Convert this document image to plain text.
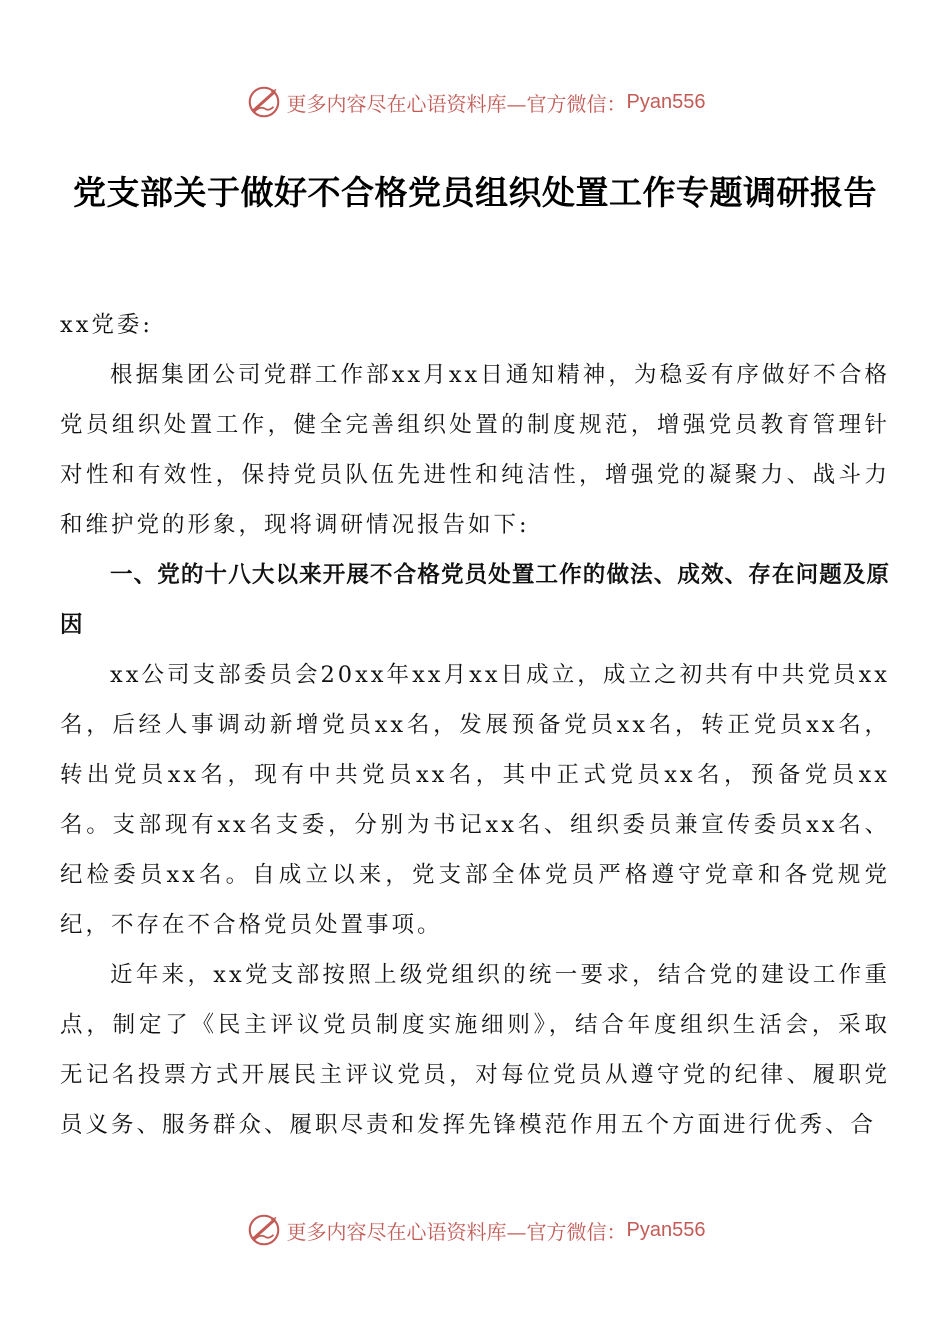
更多内容尽在心语资料库—官方微信： Pyan556
党支部关于做好不合格党员组织处置工作专题调研报告

xx党委:

根据集团公司党群工作部xx月xx日通知精神，为稳妥有序做好不合格党员组织处置工作，健全完善组织处置的制度规范，增强党员教育管理针对性和有效性，保持党员队伍先进性和纯洁性，增强党的凝聚力、战斗力和维护党的形象，现将调研情况报告如下:

一、党的十八大以来开展不合格党员处置工作的做法、成效、存在问题及原因

xx公司支部委员会20xx年xx月xx日成立，成立之初共有中共党员xx名，后经人事调动新增党员xx名，发展预备党员xx名，转正党员xx名，转出党员xx名，现有中共党员xx名，其中正式党员xx名，预备党员xx名。支部现有xx名支委，分别为书记xx名、组织委员兼宣传委员xx名、纪检委员xx名。自成立以来，党支部全体党员严格遵守党章和各党规党纪，不存在不合格党员处置事项。

近年来，xx党支部按照上级党组织的统一要求，结合党的建设工作重点，制定了《民主评议党员制度实施细则》，结合年度组织生活会，采取无记名投票方式开展民主评议党员，对每位党员从遵守党的纪律、履职党员义务、服务群众、履职尽责和发挥先锋模范作用五个方面进行优秀、合

更多内容尽在心语资料库—官方微信： Pyan556
